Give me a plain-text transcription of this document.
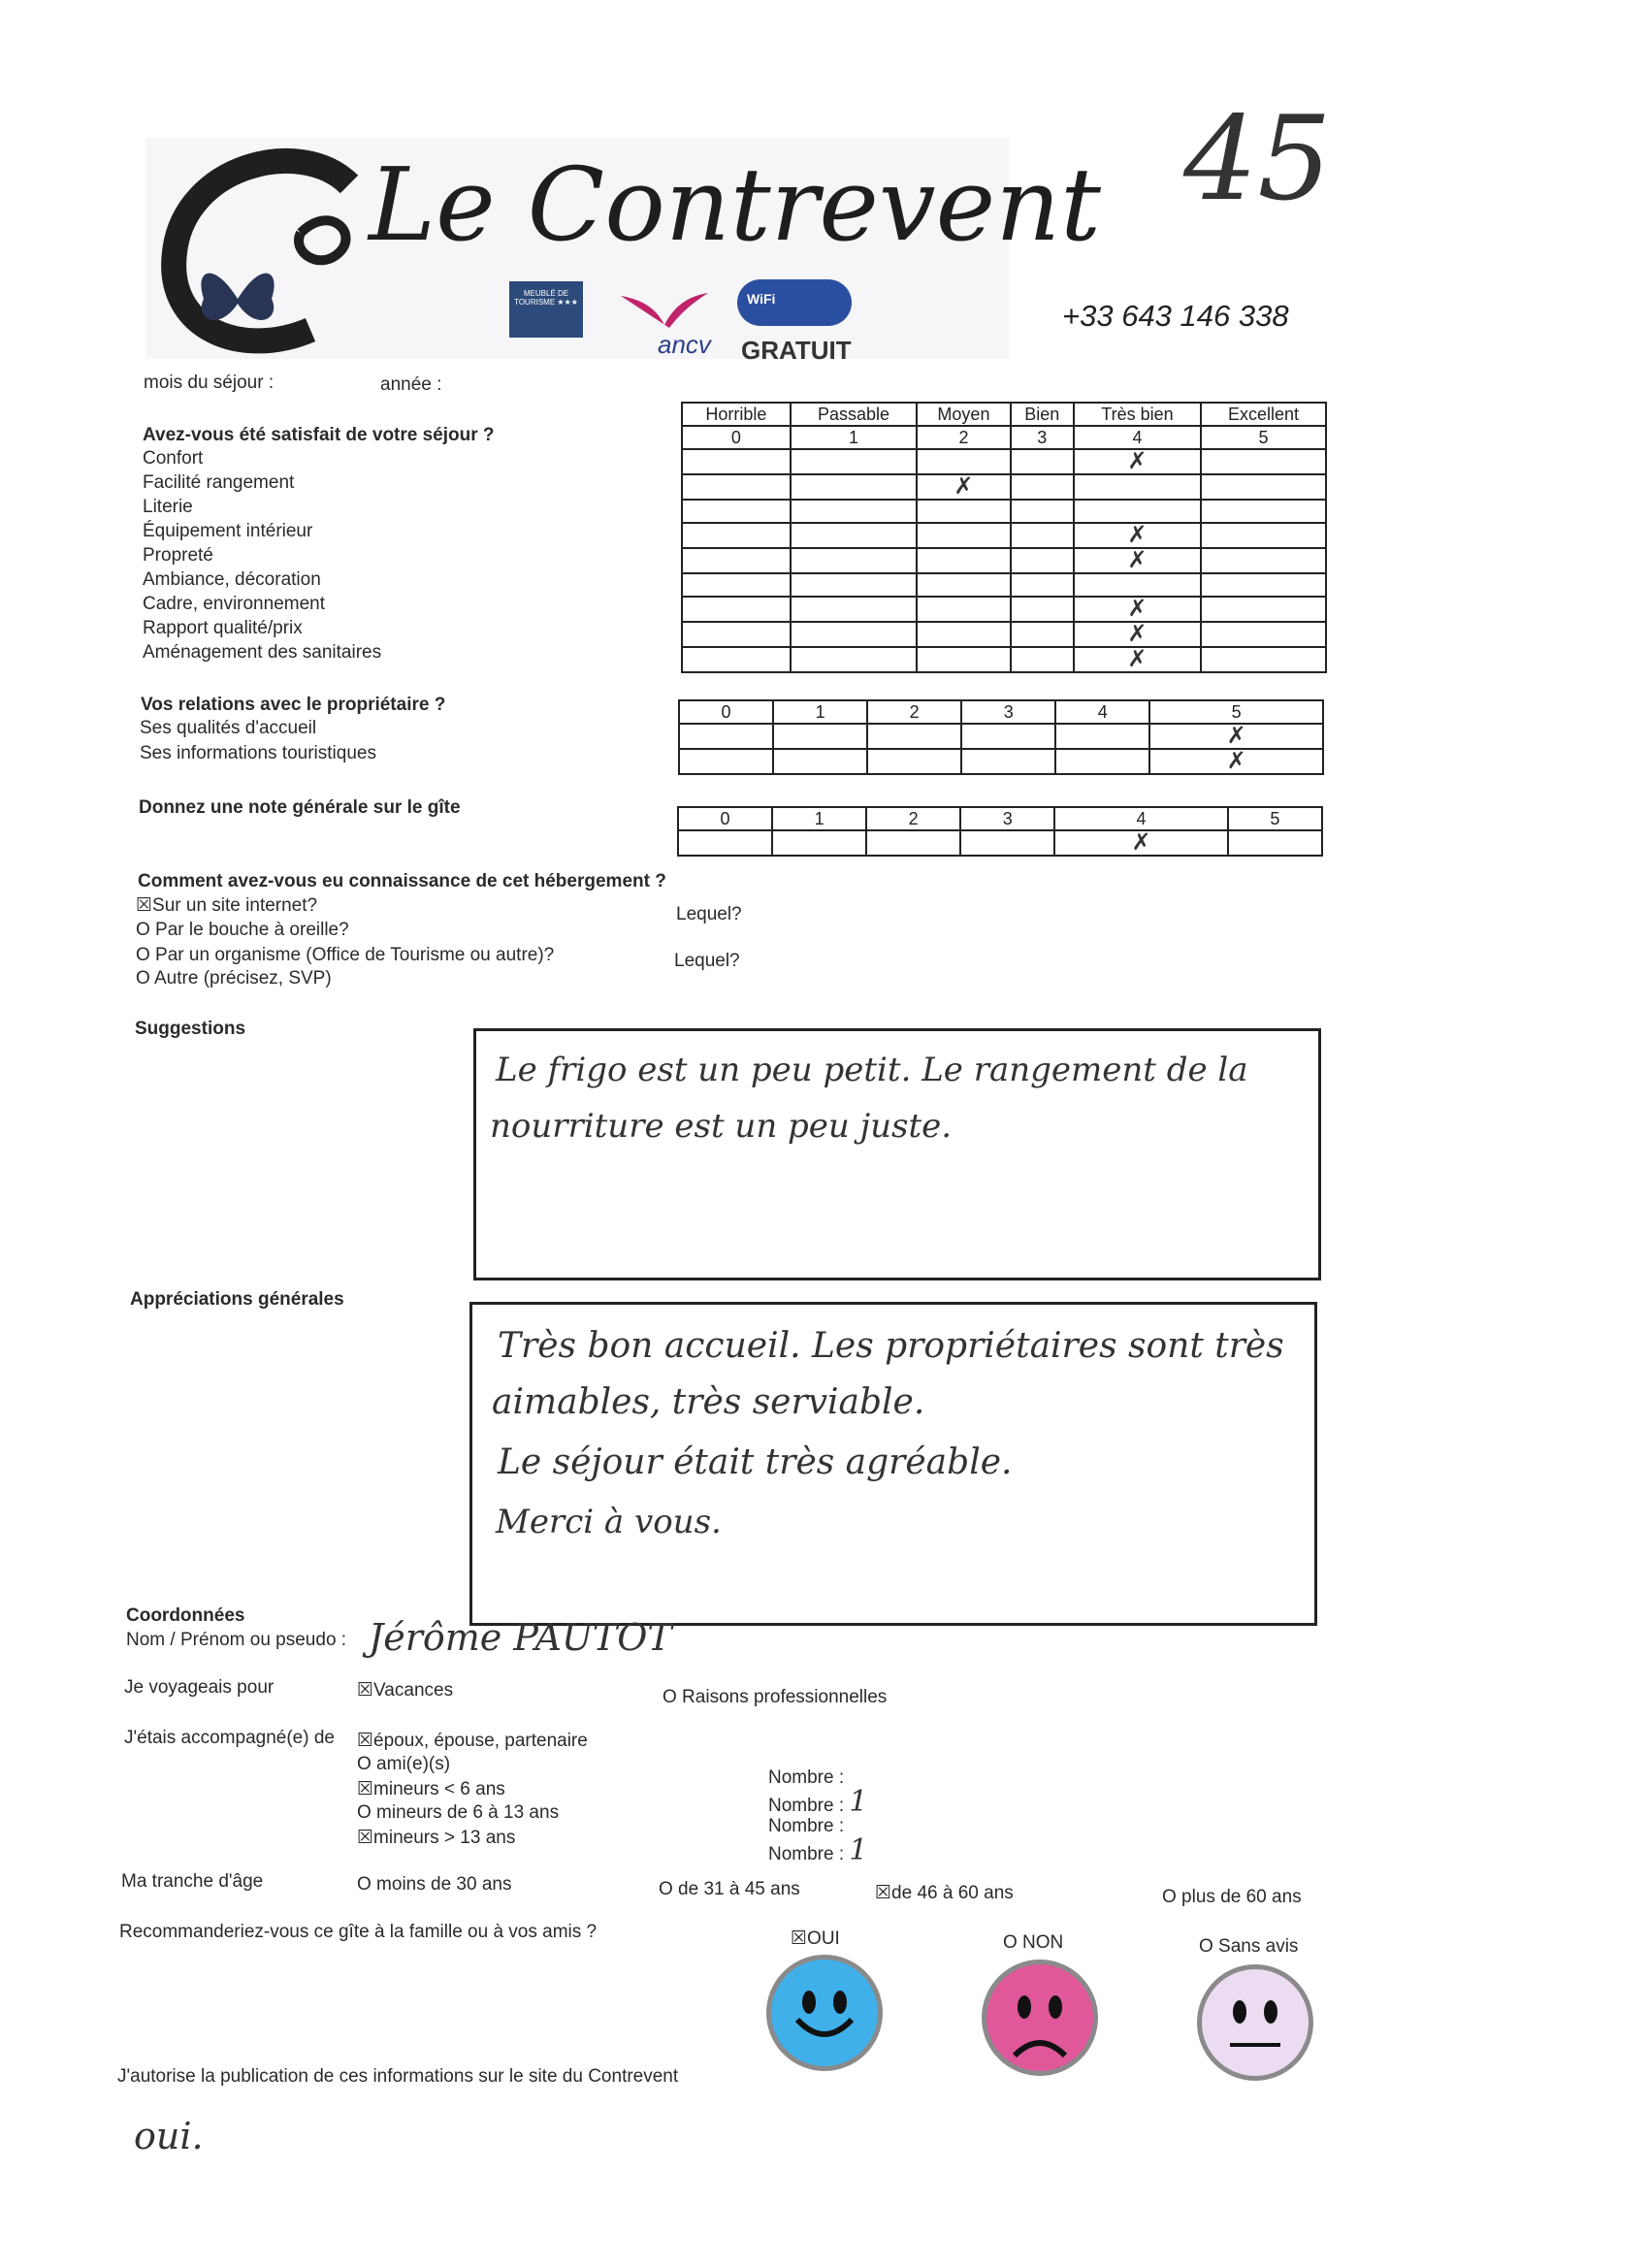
Le Contrevent
MEUBLÉ DE TOURISME ★★★
ancv
WiFi
GRATUIT
45
+33 643 146 338
mois du séjour :	année :
Avez-vous été satisfait de votre séjour ?
Confort
Facilité rangement
Literie
Équipement intérieur
Propreté
Ambiance, décoration
Cadre, environnement
Rapport qualité/prix
Aménagement des sanitaires
Horrible	Passable	Moyen	Bien	Très bien	Excellent
0	1	2	3	4	5
				✗	
		✗			

				✗	
				✗	

				✗	
				✗	
				✗	
Vos relations avec le propriétaire ?
Ses qualités d'accueil
Ses informations touristiques
0	1	2	3	4	5
					✗
					✗
Donnez une note générale sur le gîte
0	1	2	3	4	5
				✗	
Comment avez-vous eu connaissance de cet hébergement ?
☒Sur un site internet?
O Par le bouche à oreille?
O Par un organisme (Office de Tourisme ou autre)?
O Autre (précisez, SVP)
Lequel?
Lequel?
Suggestions
Le frigo est un peu petit. Le rangement de la
nourriture est un peu juste.
Appréciations générales
Très bon accueil. Les propriétaires sont très
aimables, très serviable.
Le séjour était très agréable.
Merci à vous.
Coordonnées
Nom / Prénom ou pseudo : Jérôme PAUTOT
Je voyageais pour	☒Vacances	O Raisons professionnelles
J'étais accompagné(e) de ☒époux, épouse, partenaire
O ami(e)(s)
☒mineurs < 6 ans
O mineurs de 6 à 13 ans
☒mineurs > 13 ans
Nombre :
Nombre : 1
Nombre :
Nombre : 1
Ma tranche d'âge	O moins de 30 ans	O de 31 à 45 ans	☒de 46 à 60 ans	O plus de 60 ans
Recommanderiez-vous ce gîte à la famille ou à vos amis ?	☒OUI	O NON	O Sans avis
J'autorise la publication de ces informations sur le site du Contrevent
oui.
